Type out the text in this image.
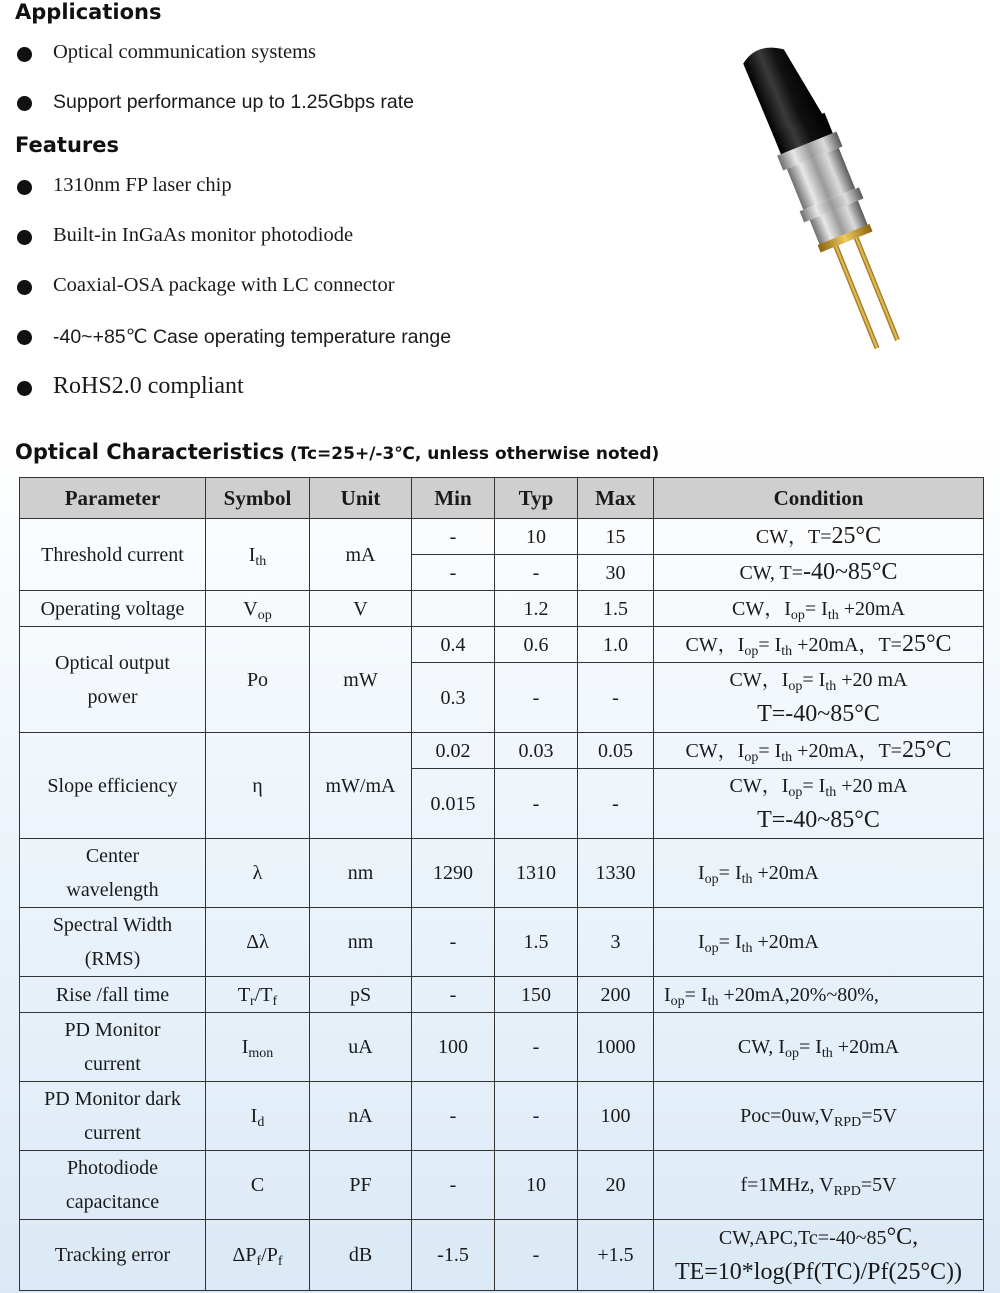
Applications
Optical communication systems
Support performance up to 1.25Gbps rate
Features
1310nm FP laser chip
Built-in InGaAs monitor photodiode
Coaxial-OSA package with LC connector
-40~+85℃ Case operating temperature range
RoHS2.0 compliant
Optical Characteristics (Tc=25+/-3℃, unless otherwise noted)
Parameter	Symbol	Unit	Min	Typ	Max	Condition
Threshold current	$I_{th}$	mA	-	10	15	CW，T=25°C
			-	-	30	CW, T=-40~85°C
Operating voltage	$V_{op}$	V		1.2	1.5	CW，$I_{op}= I_{th} +20mA$
Optical output
power	Po	mW	0.4	0.6	1.0	CW，$I_{op}= I_{th} +20mA$，T=25°C
			0.3	-	-	CW，$I_{op}= I_{th} +20$ mA
T=-40~85°C
Slope efficiency	η	mW/mA	0.02	0.03	0.05	CW，$I_{op}= I_{th} +20mA$，T=25°C
			0.015	-	-	CW，$I_{op}= I_{th} +20$ mA
T=-40~85°C
Center
wavelength	λ	nm	1290	1310	1330	$I_{op}= I_{th} +20mA$
Spectral Width
(RMS)	Δλ	nm	-	1.5	3	$I_{op}= I_{th} +20mA$
Rise /fall time	$T_r/T_f$	pS	-	150	200	$I_{op}= I_{th}$ +20mA,20%~80%,
PD Monitor
current	$I_{mon}$	uA	100	-	1000	CW, $I_{op}= I_{th} +20mA$
PD Monitor dark
current	$I_d$	nA	-	-	100	$Poc=0uw,V_{RPD}=5V$
Photodiode
capacitance	C	PF	-	10	20	f=1MHz, $V_{RPD}=5V$
Tracking error	$\Delta P_f/P_f$	dB	-1.5	-	+1.5	CW,APC,Tc=-40~85°C,
TE=10*log(Pf(TC)/Pf(25°C))
